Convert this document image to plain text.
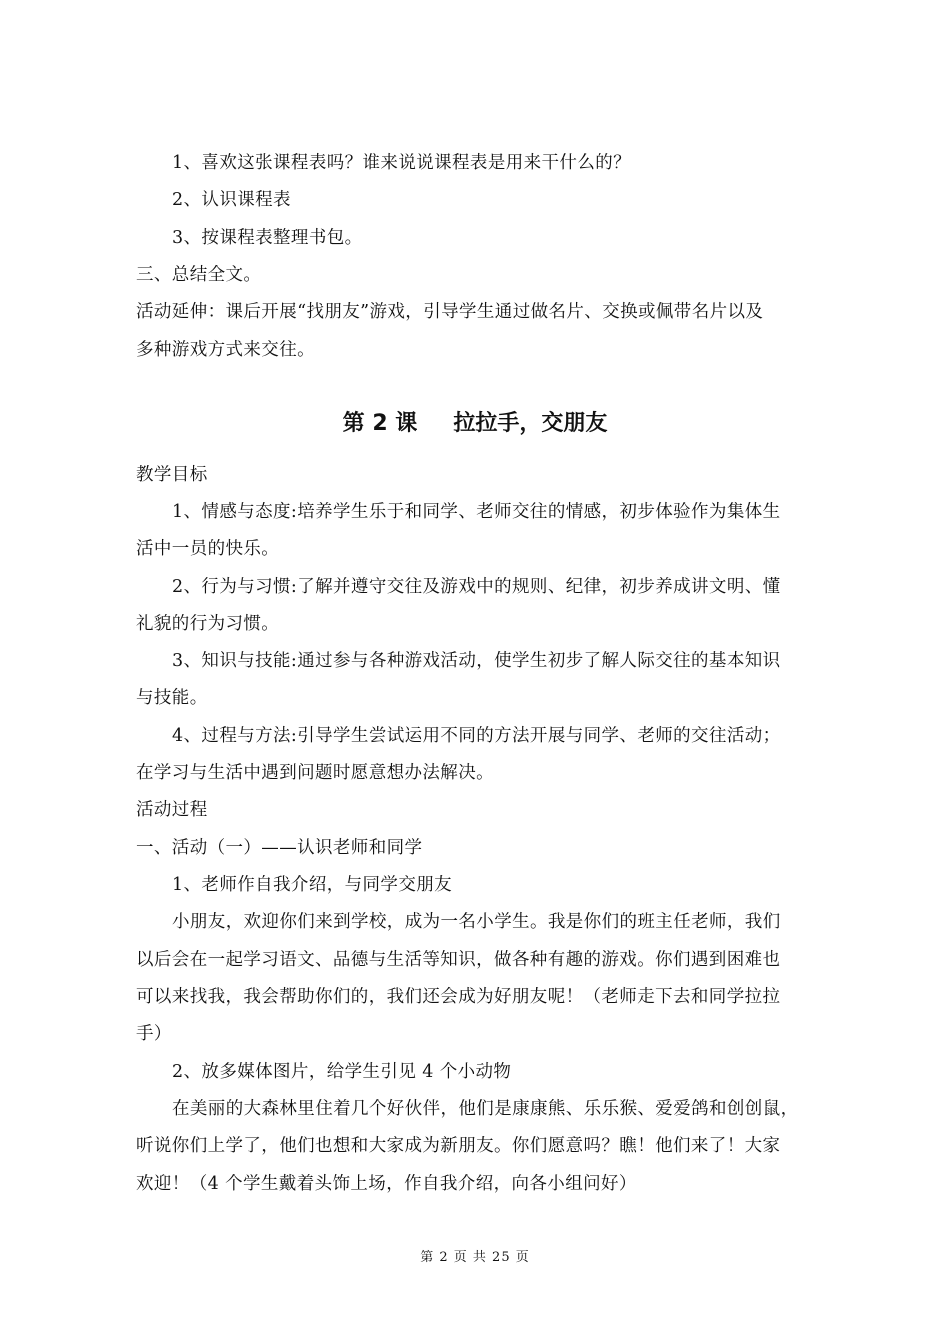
1、喜欢这张课程表吗？谁来说说课程表是用来干什么的？
2、认识课程表
3、按课程表整理书包。
三、总结全文。
活动延伸：课后开展“找朋友”游戏，引导学生通过做名片、交换或佩带名片以及
多种游戏方式来交往。
第 2 课 拉拉手，交朋友
教学目标
1、情感与态度:培养学生乐于和同学、老师交往的情感，初步体验作为集体生
活中一员的快乐。
2、行为与习惯:了解并遵守交往及游戏中的规则、纪律，初步养成讲文明、懂
礼貌的行为习惯。
3、知识与技能:通过参与各种游戏活动，使学生初步了解人际交往的基本知识
与技能。
4、过程与方法:引导学生尝试运用不同的方法开展与同学、老师的交往活动；
在学习与生活中遇到问题时愿意想办法解决。
活动过程
一、活动（一）——认识老师和同学
1、老师作自我介绍，与同学交朋友
小朋友，欢迎你们来到学校，成为一名小学生。我是你们的班主任老师，我们
以后会在一起学习语文、品德与生活等知识，做各种有趣的游戏。你们遇到困难也
可以来找我，我会帮助你们的，我们还会成为好朋友呢！（老师走下去和同学拉拉
手）
2、放多媒体图片，给学生引见 4 个小动物
在美丽的大森林里住着几个好伙伴，他们是康康熊、乐乐猴、爱爱鸽和创创鼠，
听说你们上学了，他们也想和大家成为新朋友。你们愿意吗？瞧！他们来了！大家
欢迎！（4 个学生戴着头饰上场，作自我介绍，向各小组问好）
第 2 页 共 25 页
